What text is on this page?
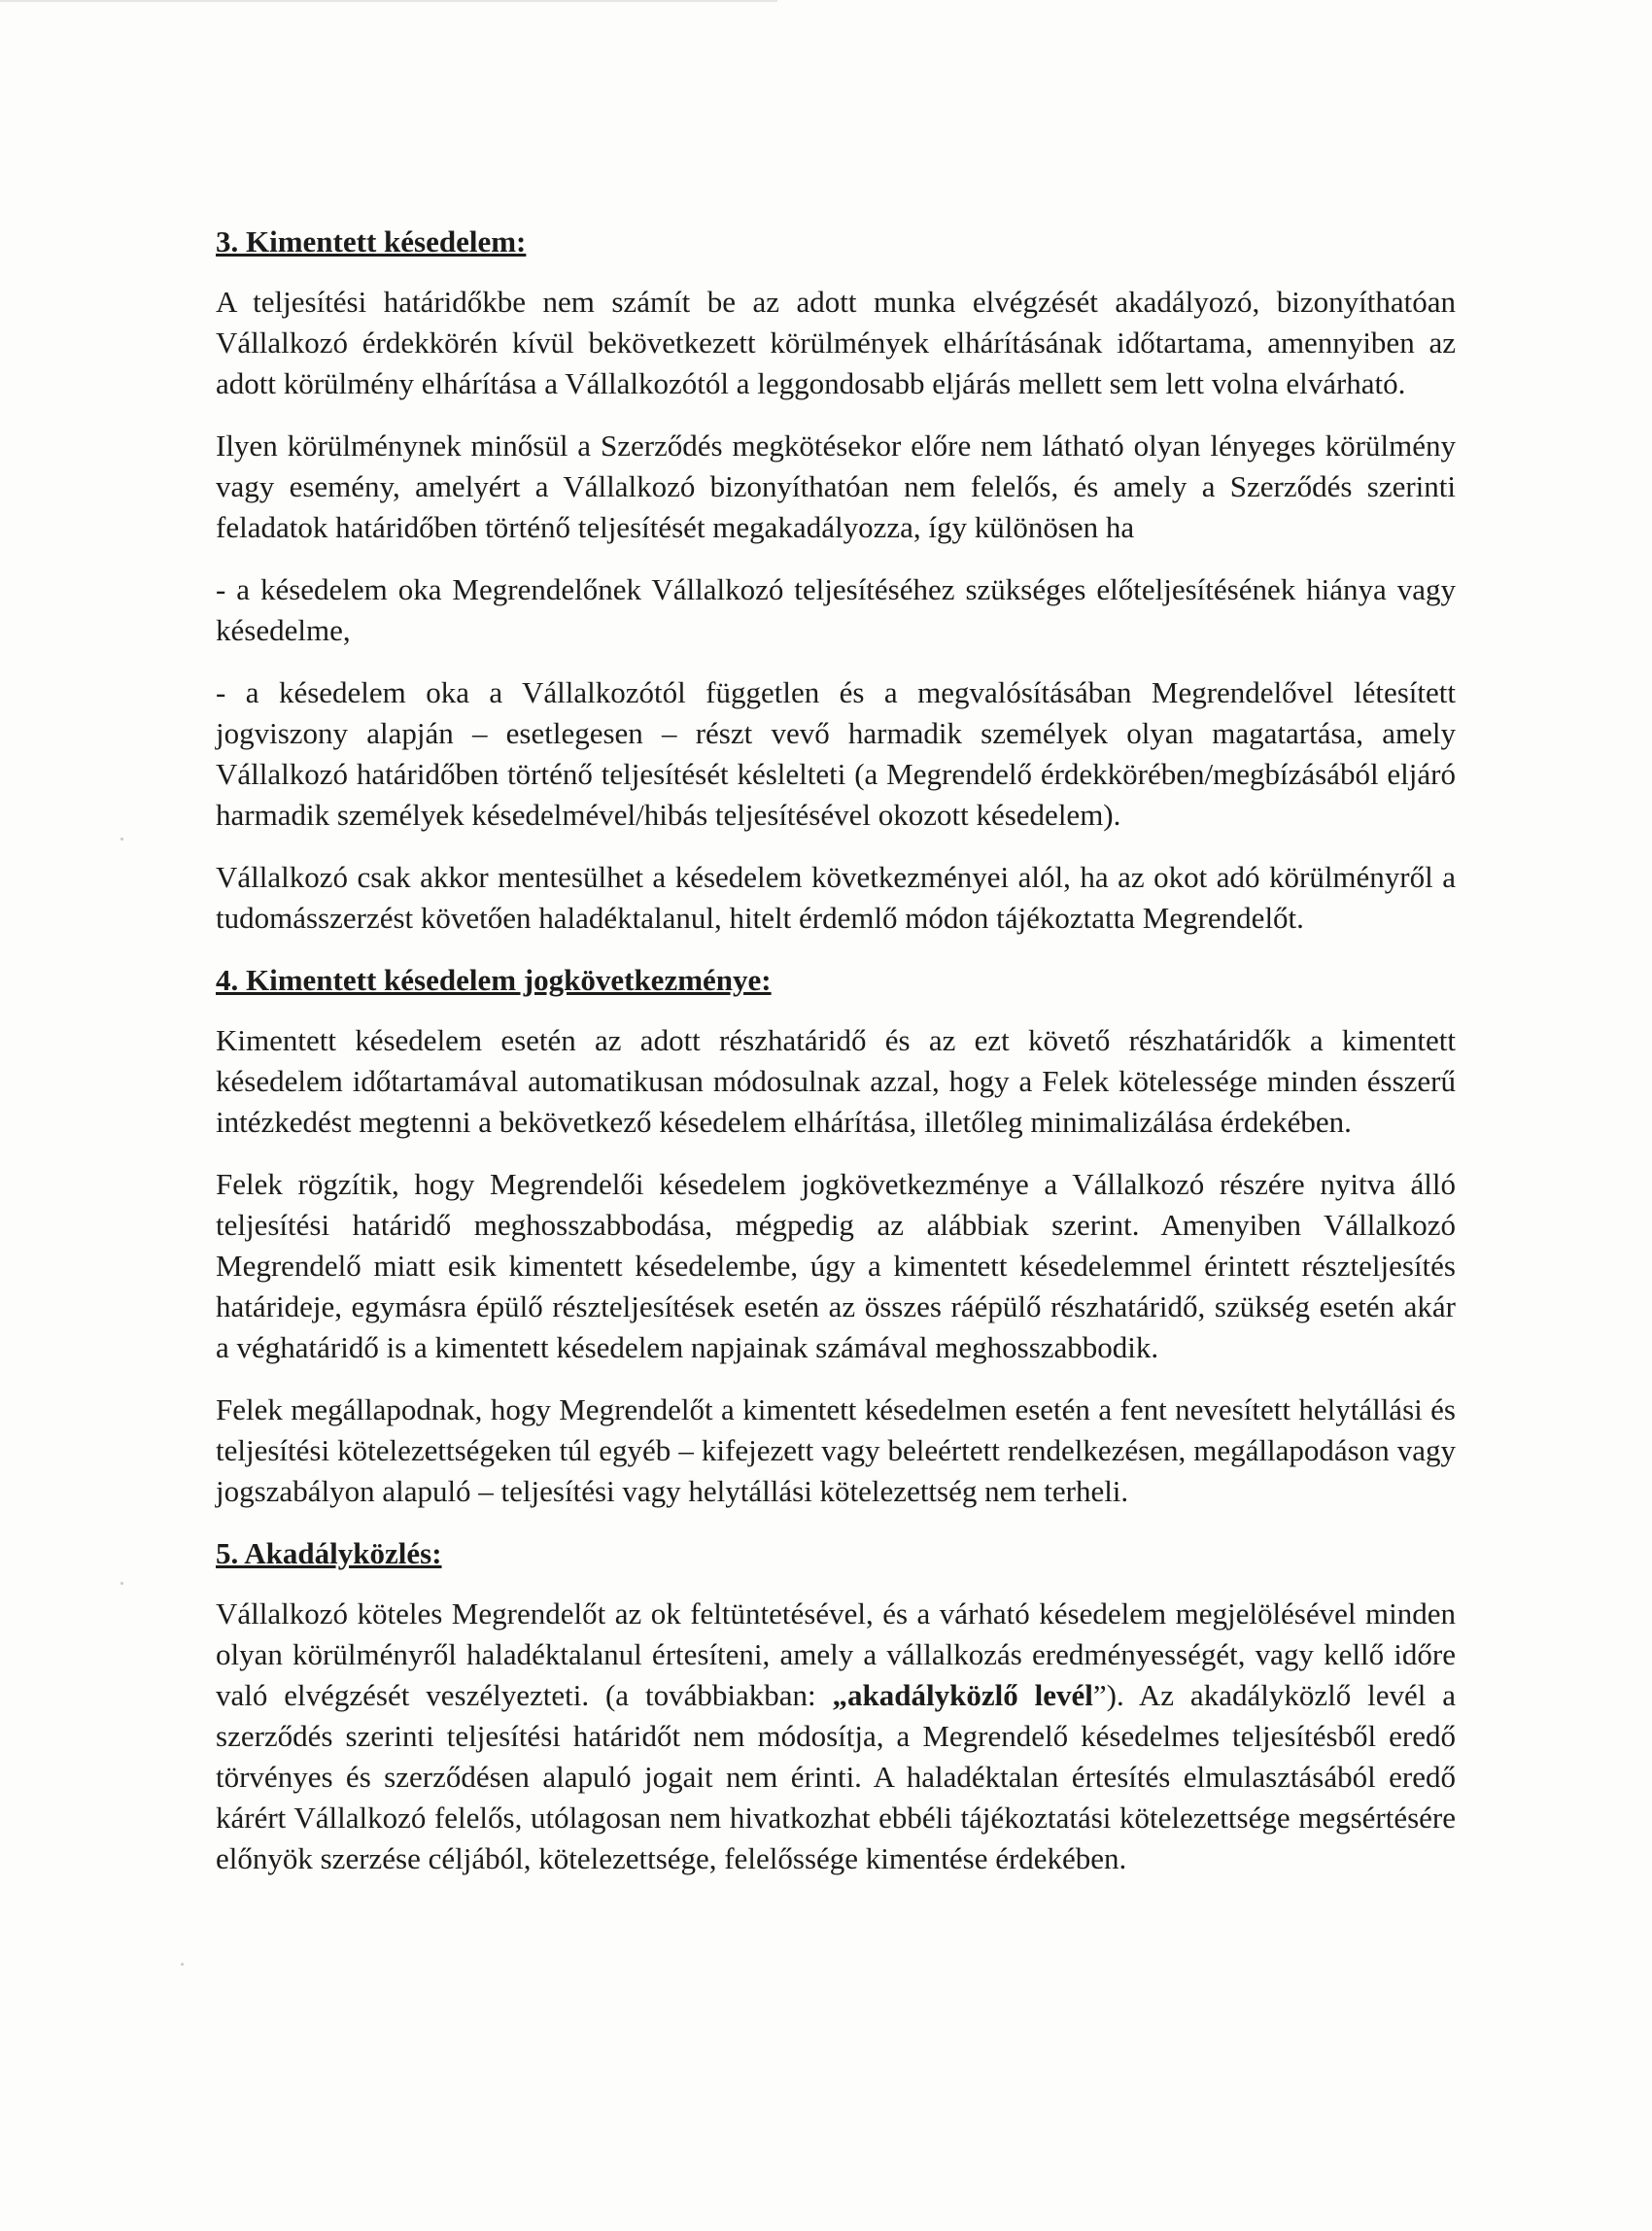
3. Kimentett késedelem:

A teljesítési határidőkbe nem számít be az adott munka elvégzését akadályozó, bizonyíthatóan Vállalkozó érdekkörén kívül bekövetkezett körülmények elhárításának időtartama, amennyiben az adott körülmény elhárítása a Vállalkozótól a leggondosabb eljárás mellett sem lett volna elvárható.

Ilyen körülménynek minősül a Szerződés megkötésekor előre nem látható olyan lényeges körülmény vagy esemény, amelyért a Vállalkozó bizonyíthatóan nem felelős, és amely a Szerződés szerinti feladatok határidőben történő teljesítését megakadályozza, így különösen ha

- a késedelem oka Megrendelőnek Vállalkozó teljesítéséhez szükséges előteljesítésének hiánya vagy késedelme,

- a késedelem oka a Vállalkozótól független és a megvalósításában Megrendelővel létesített jogviszony alapján – esetlegesen – részt vevő harmadik személyek olyan magatartása, amely Vállalkozó határidőben történő teljesítését késlelteti (a Megrendelő érdekkörében/megbízásából eljáró harmadik személyek késedelmével/hibás teljesítésével okozott késedelem).

Vállalkozó csak akkor mentesülhet a késedelem következményei alól, ha az okot adó körülményről a tudomásszerzést követően haladéktalanul, hitelt érdemlő módon tájékoztatta Megrendelőt.

4. Kimentett késedelem jogkövetkezménye:

Kimentett késedelem esetén az adott részhatáridő és az ezt követő részhatáridők a kimentett késedelem időtartamával automatikusan módosulnak azzal, hogy a Felek kötelessége minden ésszerű intézkedést megtenni a bekövetkező késedelem elhárítása, illetőleg minimalizálása érdekében.

Felek rögzítik, hogy Megrendelői késedelem jogkövetkezménye a Vállalkozó részére nyitva álló teljesítési határidő meghosszabbodása, mégpedig az alábbiak szerint. Amenyiben Vállalkozó Megrendelő miatt esik kimentett késedelembe, úgy a kimentett késedelemmel érintett részteljesítés határideje, egymásra épülő részteljesítések esetén az összes ráépülő részhatáridő, szükség esetén akár a véghatáridő is a kimentett késedelem napjainak számával meghosszabbodik.

Felek megállapodnak, hogy Megrendelőt a kimentett késedelmen esetén a fent nevesített helytállási és teljesítési kötelezettségeken túl egyéb – kifejezett vagy beleértett rendelkezésen, megállapodáson vagy jogszabályon alapuló – teljesítési vagy helytállási kötelezettség nem terheli.

5. Akadályközlés:

Vállalkozó köteles Megrendelőt az ok feltüntetésével, és a várható késedelem megjelölésével minden olyan körülményről haladéktalanul értesíteni, amely a vállalkozás eredményességét, vagy kellő időre való elvégzését veszélyezteti. (a továbbiakban: „akadályközlő levél”). Az akadályközlő levél a szerződés szerinti teljesítési határidőt nem módosítja, a Megrendelő késedelmes teljesítésből eredő törvényes és szerződésen alapuló jogait nem érinti. A haladéktalan értesítés elmulasztásából eredő kárért Vállalkozó felelős, utólagosan nem hivatkozhat ebbéli tájékoztatási kötelezettsége megsértésére előnyök szerzése céljából, kötelezettsége, felelőssége kimentése érdekében.
